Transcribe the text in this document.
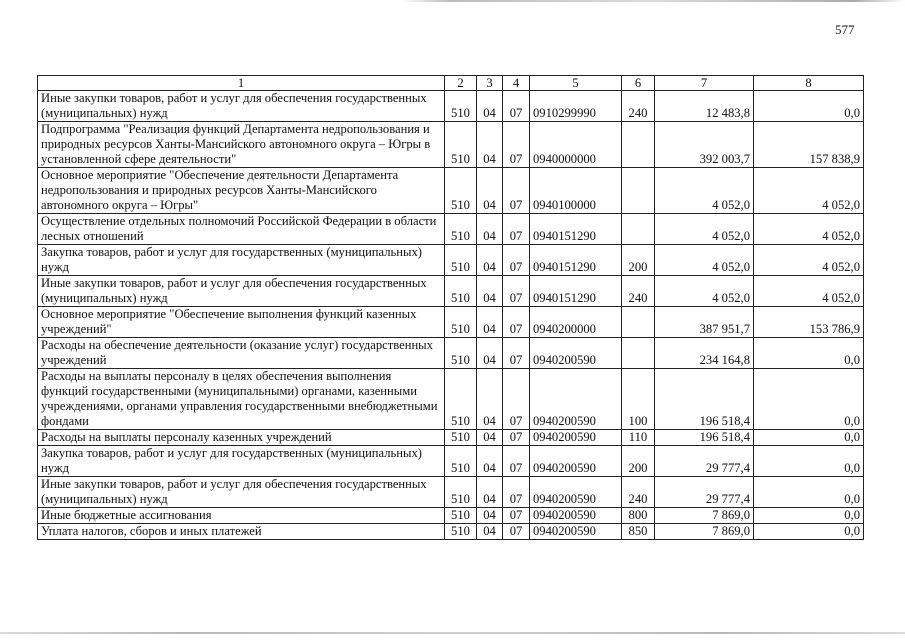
577
1	2	3	4	5	6	7	8
Иные закупки товаров, работ и услуг для обеспечения государственных (муниципальных) нужд	510	04	07	0910299990	240	12 483,8	0,0
Подпрограмма "Реализация функций Департамента недропользования и природных ресурсов Ханты-Мансийского автономного округа – Югры в установленной сфере деятельности"	510	04	07	0940000000		392 003,7	157 838,9
Основное мероприятие "Обеспечение деятельности Департамента недропользования и природных ресурсов Ханты-Мансийского автономного округа – Югры"	510	04	07	0940100000		4 052,0	4 052,0
Осуществление отдельных полномочий Российской Федерации в области лесных отношений	510	04	07	0940151290		4 052,0	4 052,0
Закупка товаров, работ и услуг для государственных (муниципальных) нужд	510	04	07	0940151290	200	4 052,0	4 052,0
Иные закупки товаров, работ и услуг для обеспечения государственных (муниципальных) нужд	510	04	07	0940151290	240	4 052,0	4 052,0
Основное мероприятие "Обеспечение выполнения функций казенных учреждений"	510	04	07	0940200000		387 951,7	153 786,9
Расходы на обеспечение деятельности (оказание услуг) государственных учреждений	510	04	07	0940200590		234 164,8	0,0
Расходы на выплаты персоналу в целях обеспечения выполнения функций государственными (муниципальными) органами, казенными учреждениями, органами управления государственными внебюджетными фондами	510	04	07	0940200590	100	196 518,4	0,0
Расходы на выплаты персоналу казенных учреждений	510	04	07	0940200590	110	196 518,4	0,0
Закупка товаров, работ и услуг для государственных (муниципальных) нужд	510	04	07	0940200590	200	29 777,4	0,0
Иные закупки товаров, работ и услуг для обеспечения государственных (муниципальных) нужд	510	04	07	0940200590	240	29 777,4	0,0
Иные бюджетные ассигнования	510	04	07	0940200590	800	7 869,0	0,0
Уплата налогов, сборов и иных платежей	510	04	07	0940200590	850	7 869,0	0,0
